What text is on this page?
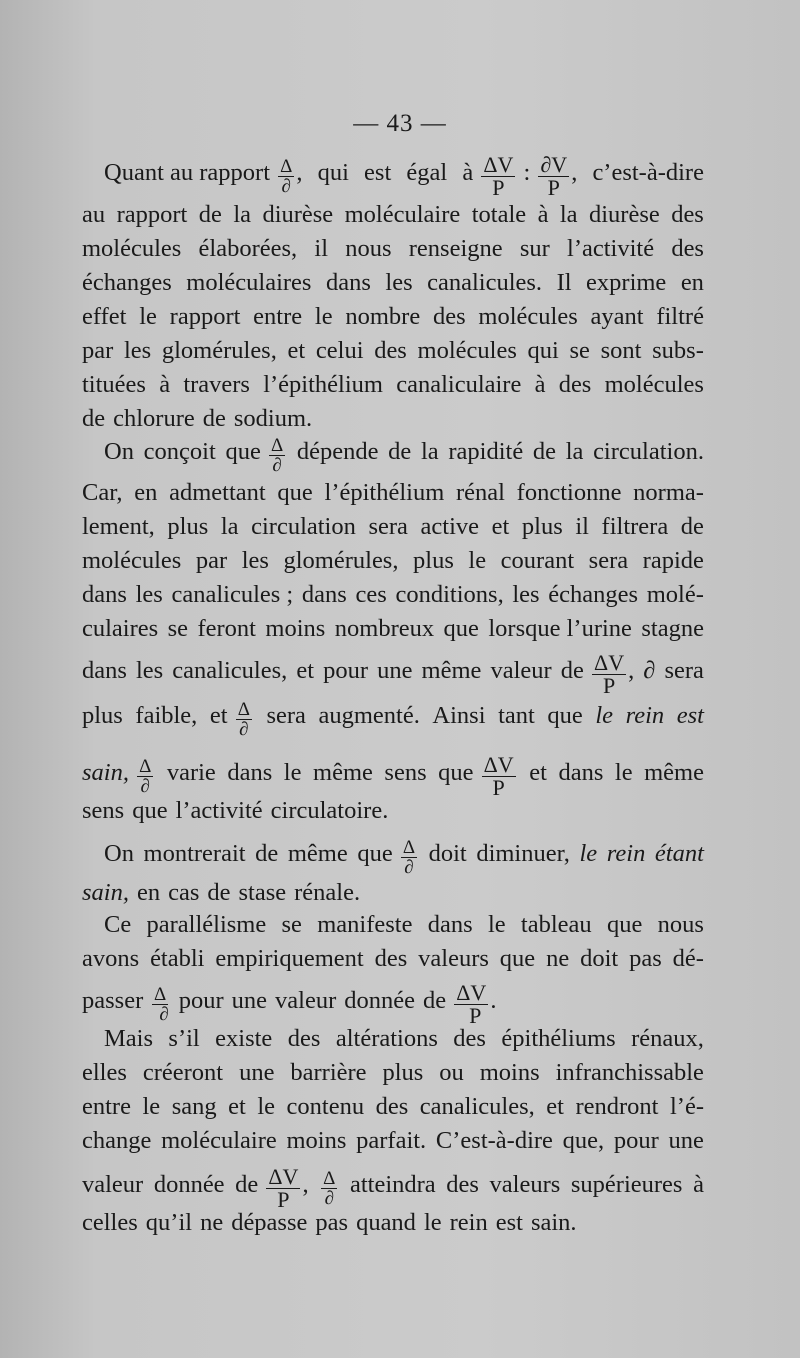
— 43 —
Quant au rapport $\frac{\Delta}{\partial}$ , qui est égal à $\frac{\Delta V}{P}$ : $\frac{\partial V}{P}$ , c’est-à-dire
au rapport de la diurèse moléculaire totale à la diurèse des
molécules élaborées, il nous renseigne sur l’activité des
échanges moléculaires dans les canalicules. Il exprime en
effet le rapport entre le nombre des molécules ayant filtré
par les glomérules, et celui des molécules qui se sont subs-
tituées à travers l’épithélium canaliculaire à des molécules
de chlorure de sodium.
On conçoit que $\frac{\Delta}{\partial}$ dépende de la rapidité de la circulation.
Car, en admettant que l’épithélium rénal fonctionne norma-
lement, plus la circulation sera active et plus il filtrera de
molécules par les glomérules, plus le courant sera rapide
dans les canalicules ; dans ces conditions, les échanges molé-
culaires se feront moins nombreux que lorsque l’urine stagne
dans les canalicules, et pour une même valeur de $\frac{\Delta V}{P}$ , ∂ sera
plus faible, et $\frac{\Delta}{\partial}$ sera augmenté. Ainsi tant que le rein est
sain, $\frac{\Delta}{\partial}$ varie dans le même sens que $\frac{\Delta V}{P}$ et dans le même
sens que l’activité circulatoire.
On montrerait de même que $\frac{\Delta}{\partial}$ doit diminuer, le rein étant
sain, en cas de stase rénale.
Ce parallélisme se manifeste dans le tableau que nous
avons établi empiriquement des valeurs que ne doit pas dé-
passer $\frac{\Delta}{\partial}$ pour une valeur donnée de $\frac{\Delta V}{P}$ .
Mais s’il existe des altérations des épithéliums rénaux,
elles créeront une barrière plus ou moins infranchissable
entre le sang et le contenu des canalicules, et rendront l’é-
change moléculaire moins parfait. C’est-à-dire que, pour une
valeur donnée de $\frac{\Delta V}{P}$ , $\frac{\Delta}{\partial}$ atteindra des valeurs supérieures à
celles qu’il ne dépasse pas quand le rein est sain.
